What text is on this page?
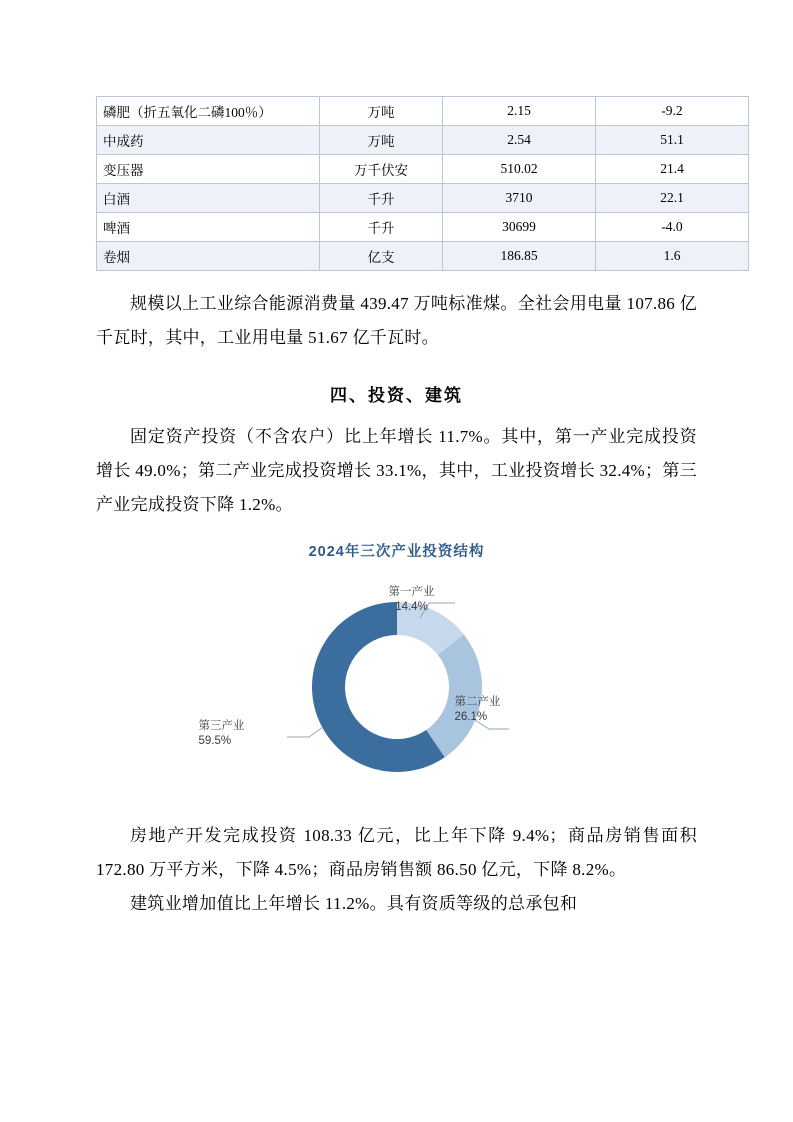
磷肥（折五氧化二磷100％）	万吨	2.15	-9.2
中成药	万吨	2.54	51.1
变压器	万千伏安	510.02	21.4
白酒	千升	3710	22.1
啤酒	千升	30699	-4.0
卷烟	亿支	186.85	1.6

规模以上工业综合能源消费量 439.47 万吨标准煤。全社会用电量 107.86 亿千瓦时，其中，工业用电量 51.67 亿千瓦时。

四、投资、建筑

固定资产投资（不含农户）比上年增长 11.7%。其中，第一产业完成投资增长 49.0%；第二产业完成投资增长 33.1%，其中，工业投资增长 32.4%；第三产业完成投资下降 1.2%。

2024年三次产业投资结构
第一产业
14.4%
第二产业
26.1%
第三产业
59.5%

房地产开发完成投资 108.33 亿元，比上年下降 9.4%；商品房销售面积 172.80 万平方米，下降 4.5%；商品房销售额 86.50 亿元，下降 8.2%。

建筑业增加值比上年增长 11.2%。具有资质等级的总承包和
